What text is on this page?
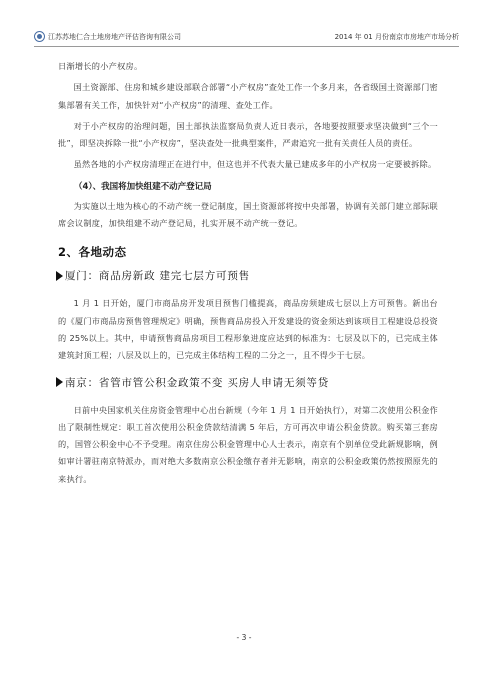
江苏苏地仁合土地房地产评估咨询有限公司	2014 年 01 月份南京市房地产市场分析

日渐增长的小产权房。

国土资源部、住房和城乡建设部联合部署“小产权房”查处工作一个多月来，各省级国土资源部门密集部署有关工作，加快针对“小产权房”的清理、查处工作。

对于小产权房的治理问题，国土部执法监察局负责人近日表示，各地要按照要求坚决做到“三个一批”，即坚决拆除一批“小产权房”，坚决查处一批典型案件，严肃追究一批有关责任人员的责任。

虽然各地的小产权房清理正在进行中，但这也并不代表大量已建成多年的小产权房一定要被拆除。

（4）、我国将加快组建不动产登记局

为实施以土地为核心的不动产统一登记制度，国土资源部将按中央部署，协调有关部门建立部际联席会议制度，加快组建不动产登记局，扎实开展不动产统一登记。

2、各地动态
厦门：商品房新政 建完七层方可预售

1 月 1 日开始，厦门市商品房开发项目预售门槛提高，商品房须建成七层以上方可预售。新出台的《厦门市商品房预售管理规定》明确，预售商品房投入开发建设的资金须达到该项目工程建设总投资的 25%以上。其中，申请预售商品房项目工程形象进度应达到的标准为：七层及以下的，已完成主体建筑封顶工程；八层及以上的，已完成主体结构工程的二分之一，且不得少于七层。

南京：省管市管公积金政策不变 买房人申请无须等贷

日前中央国家机关住房资金管理中心出台新规（今年 1 月 1 日开始执行），对第二次使用公积金作出了限制性规定：职工首次使用公积金贷款结清满 5 年后，方可再次申请公积金贷款。购买第三套房的，国管公积金中心不予受理。南京住房公积金管理中心人士表示，南京有个别单位受此新规影响，例如审计署驻南京特派办，而对绝大多数南京公积金缴存者并无影响，南京的公积金政策仍然按照原先的来执行。

- 3 -
